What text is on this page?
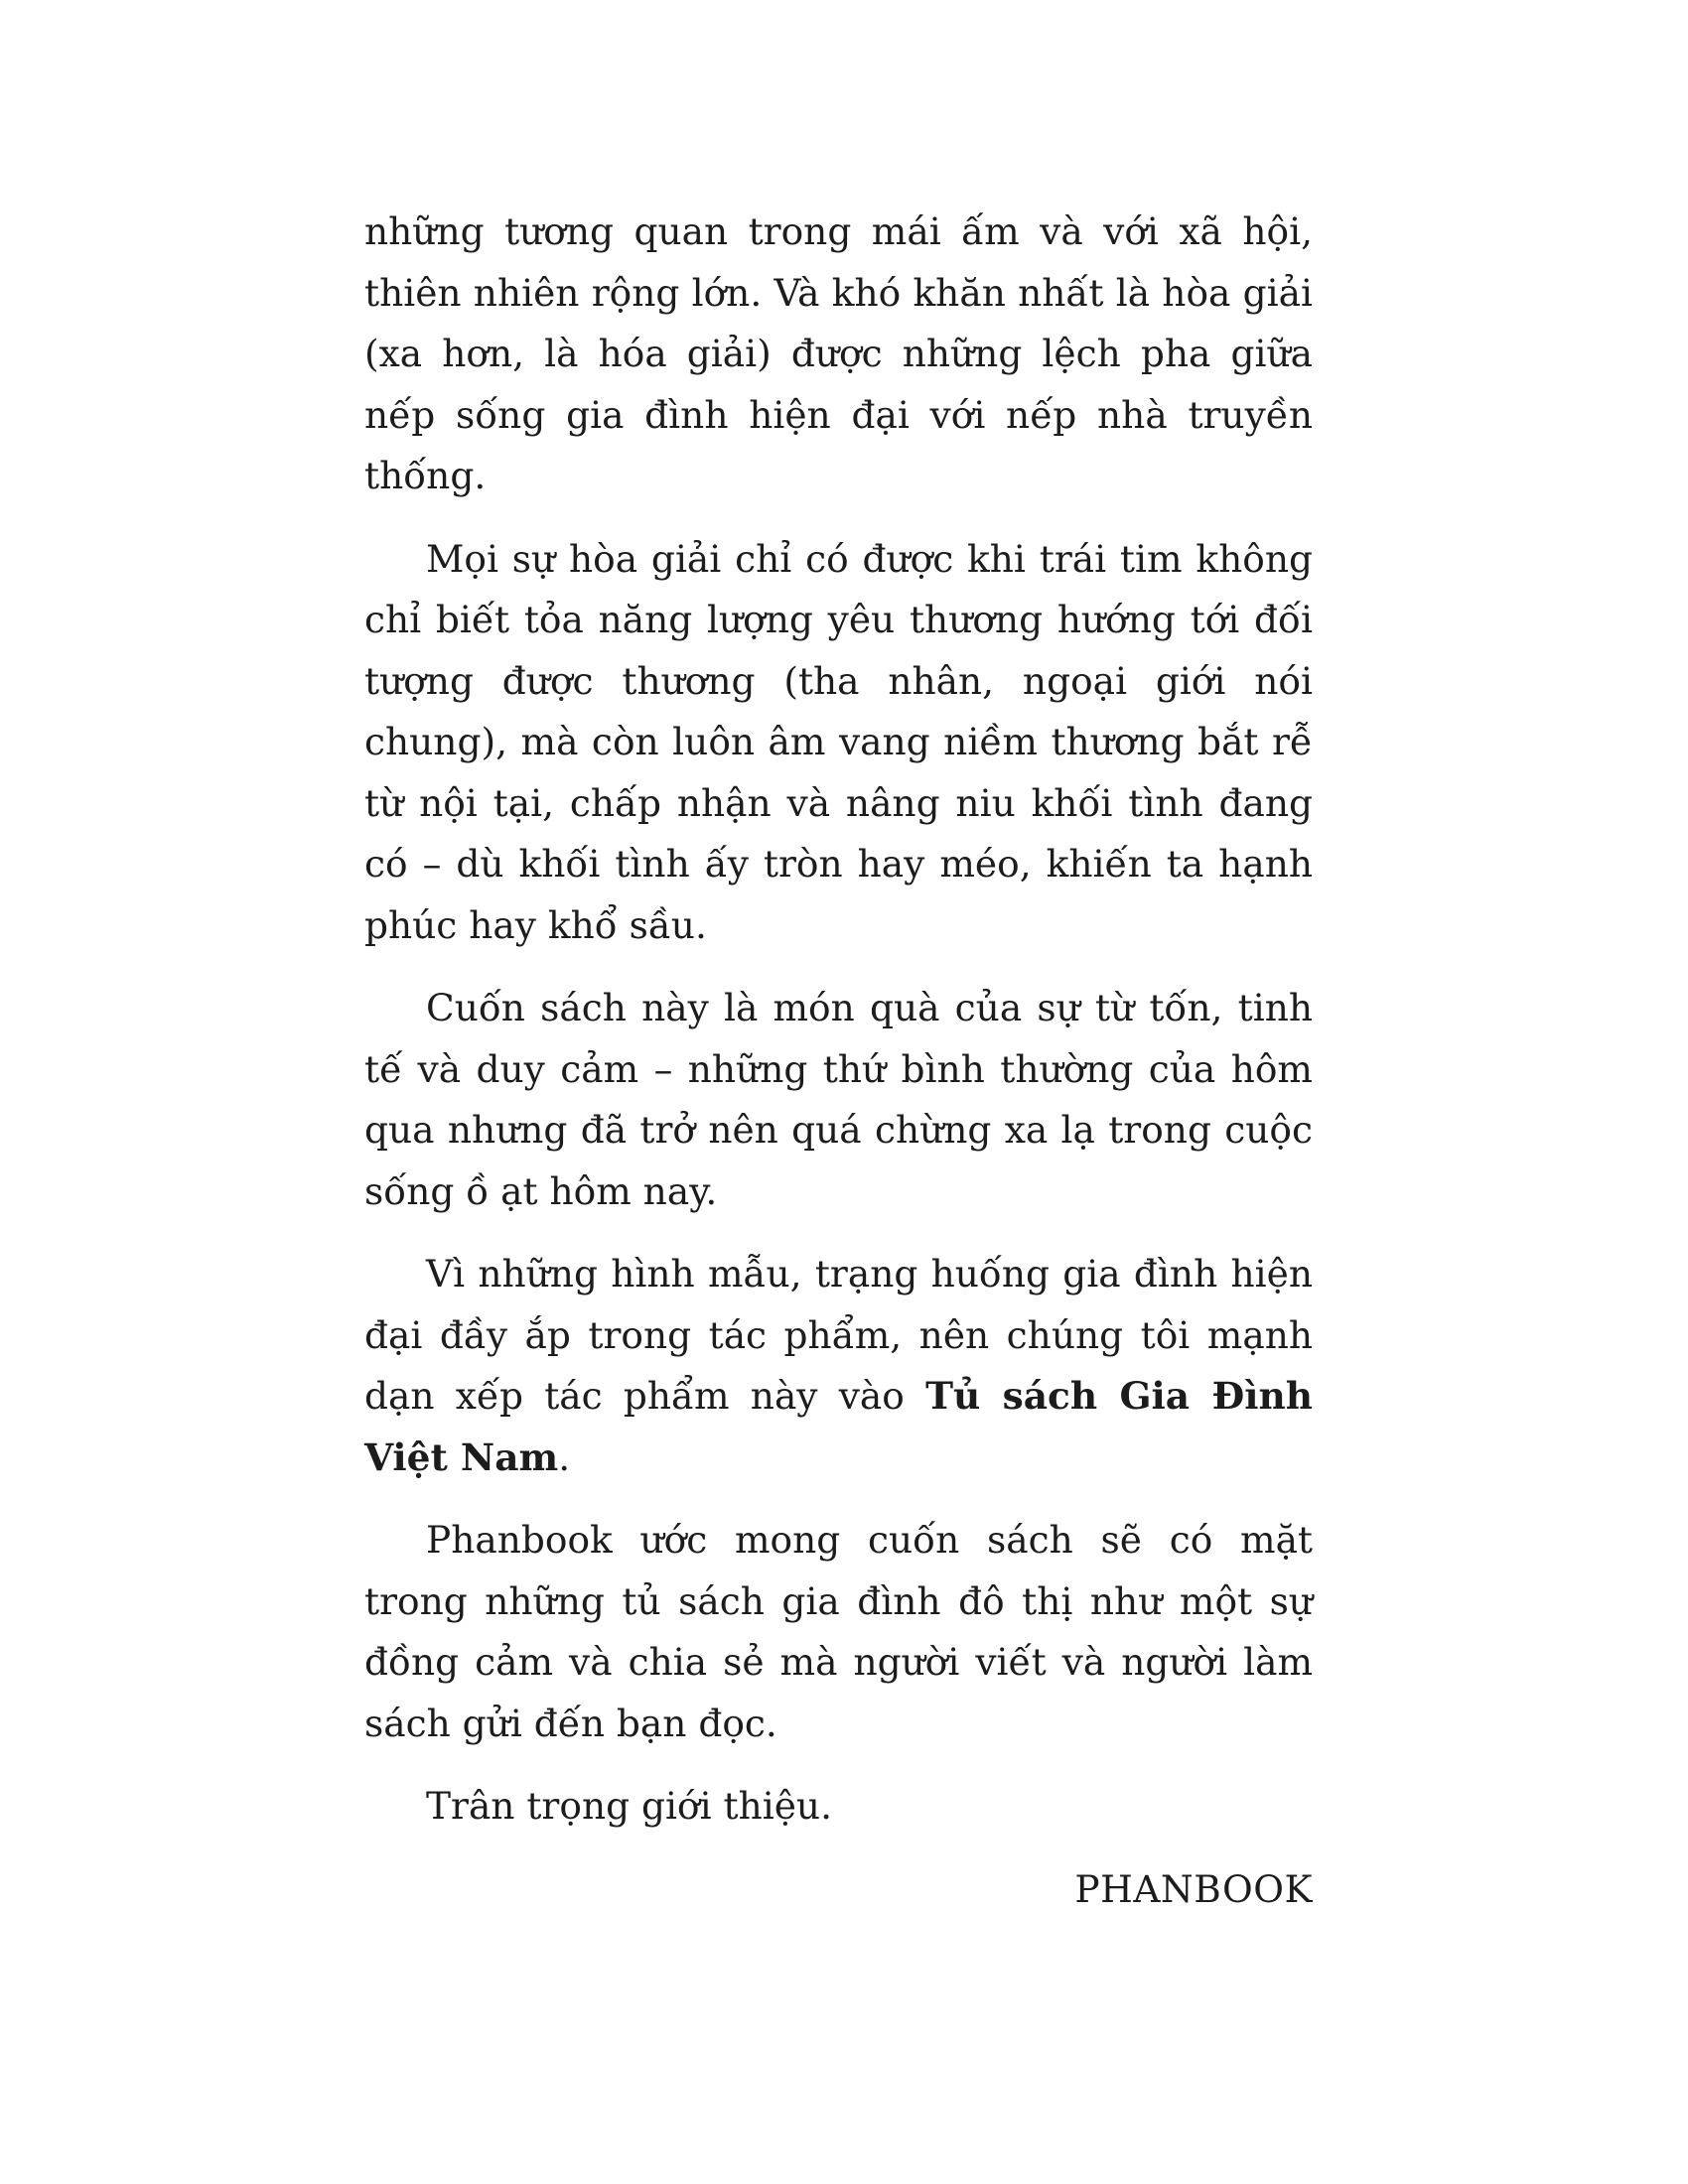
những tương quan trong mái ấm và với xã hội, thiên nhiên rộng lớn. Và khó khăn nhất là hòa giải (xa hơn, là hóa giải) được những lệch pha giữa nếp sống gia đình hiện đại với nếp nhà truyền thống.

Mọi sự hòa giải chỉ có được khi trái tim không chỉ biết tỏa năng lượng yêu thương hướng tới đối tượng được thương (tha nhân, ngoại giới nói chung), mà còn luôn âm vang niềm thương bắt rễ từ nội tại, chấp nhận và nâng niu khối tình đang có – dù khối tình ấy tròn hay méo, khiến ta hạnh phúc hay khổ sầu.

Cuốn sách này là món quà của sự từ tốn, tinh tế và duy cảm – những thứ bình thường của hôm qua nhưng đã trở nên quá chừng xa lạ trong cuộc sống ồ ạt hôm nay.

Vì những hình mẫu, trạng huống gia đình hiện đại đầy ắp trong tác phẩm, nên chúng tôi mạnh dạn xếp tác phẩm này vào Tủ sách Gia Đình Việt Nam.

Phanbook ước mong cuốn sách sẽ có mặt trong những tủ sách gia đình đô thị như một sự đồng cảm và chia sẻ mà người viết và người làm sách gửi đến bạn đọc.

Trân trọng giới thiệu.

PHANBOOK
